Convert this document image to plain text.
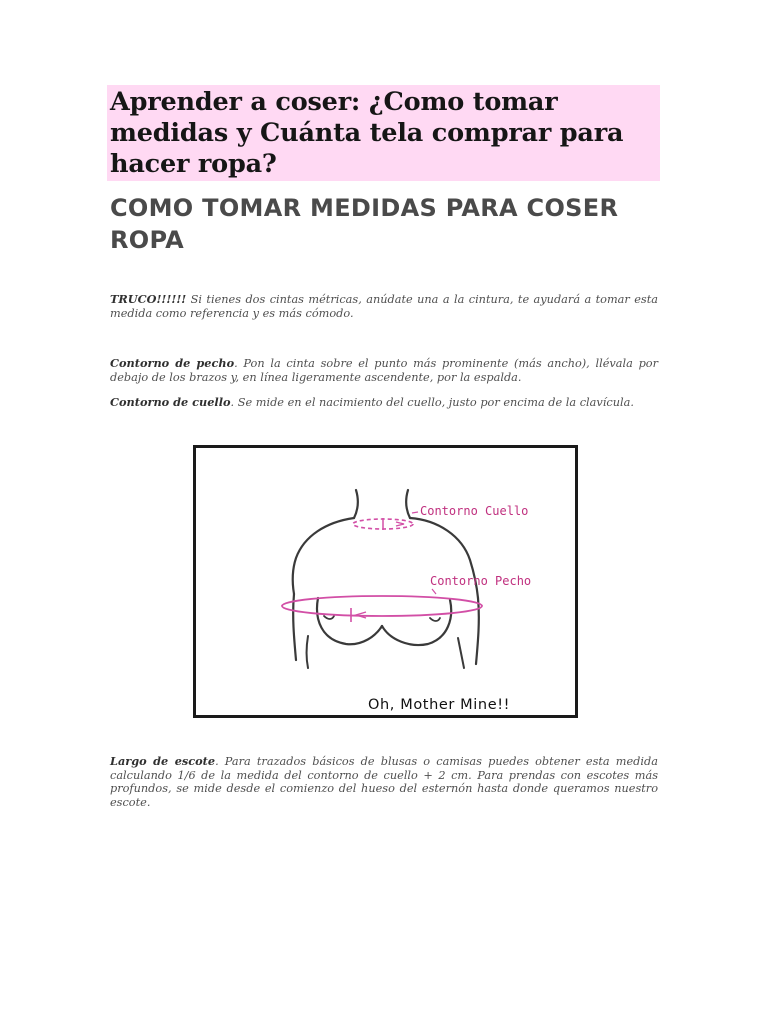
Aprender a coser: ¿Como tomar medidas y Cuánta tela comprar para hacer ropa?
COMO TOMAR MEDIDAS PARA COSER ROPA

TRUCO!!!!!! Si tienes dos cintas métricas, anúdate una a la cintura, te ayudará a tomar esta medida como referencia y es más cómodo.

Contorno de pecho. Pon la cinta sobre el punto más prominente (más ancho), llévala por debajo de los brazos y, en línea ligeramente ascendente, por la espalda.

Contorno de cuello. Se mide en el nacimiento del cuello, justo por encima de la clavícula.

Contorno Cuello
Contorno Pecho
Oh, Mother Mine!!

Largo de escote. Para trazados básicos de blusas o camisas puedes obtener esta medida calculando 1/6 de la medida del contorno de cuello + 2 cm. Para prendas con escotes más profundos, se mide desde el comienzo del hueso del esternón hasta donde queramos nuestro escote.
